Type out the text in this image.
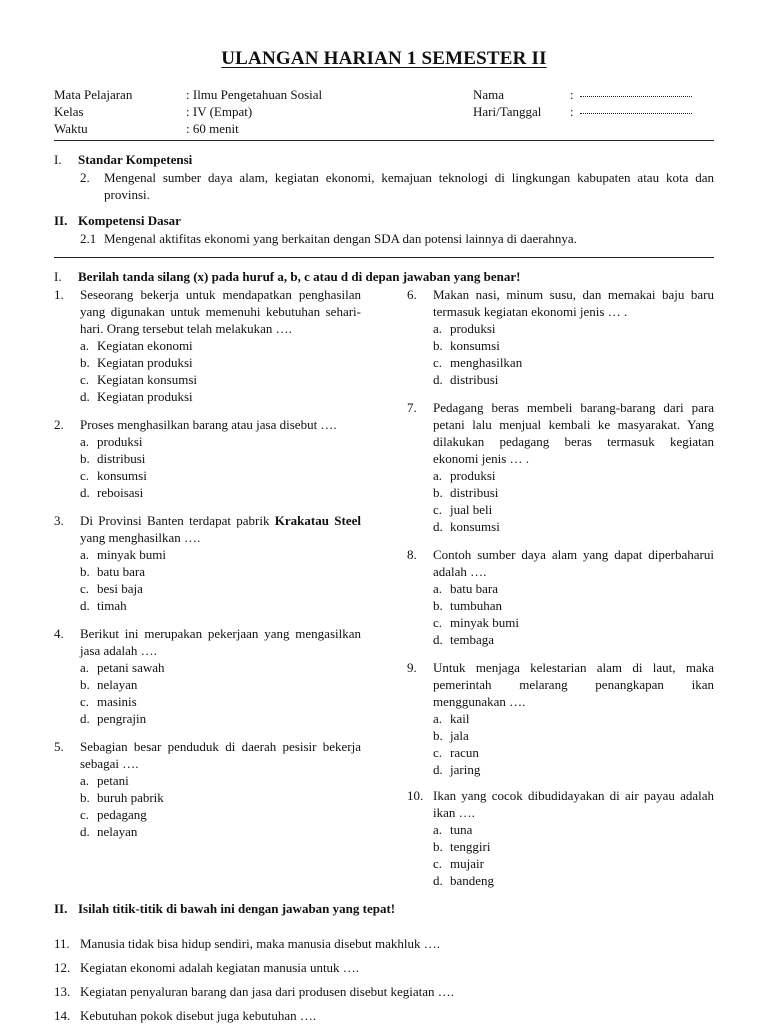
ULANGAN HARIAN 1 SEMESTER II
Mata Pelajaran	: Ilmu Pengetahuan Sosial
Kelas	: IV (Empat)
Waktu	: 60 menit
Nama	:
Hari/Tanggal :
I. Standar Kompetensi
2.	Mengenal sumber daya alam, kegiatan ekonomi, kemajuan teknologi di lingkungan kabupaten atau kota dan provinsi.
II. Kompetensi Dasar
2.1 Mengenal aktifitas ekonomi yang berkaitan dengan SDA dan potensi lainnya di daerahnya.
I. Berilah tanda silang (x) pada huruf a, b, c atau d di depan jawaban yang benar!
1.	Seseorang bekerja untuk mendapatkan penghasilan yang digunakan untuk memenuhi kebutuhan sehari-hari. Orang tersebut telah melakukan ….
a. Kegiatan ekonomi
b. Kegiatan produksi
c. Kegiatan konsumsi
d. Kegiatan produksi
2.	Proses menghasilkan barang atau jasa disebut ….
a. produksi
b. distribusi
c. konsumsi
d. reboisasi
3.	Di Provinsi Banten terdapat pabrik Krakatau Steel yang menghasilkan ….
a. minyak bumi
b. batu bara
c. besi baja
d. timah
4.	Berikut ini merupakan pekerjaan yang mengasilkan jasa adalah ….
a. petani sawah
b. nelayan
c. masinis
d. pengrajin
5.	Sebagian besar penduduk di daerah pesisir bekerja sebagai ….
a. petani
b. buruh pabrik
c. pedagang
d. nelayan
6.	Makan nasi, minum susu, dan memakai baju baru termasuk kegiatan ekonomi jenis … .
a. produksi
b. konsumsi
c. menghasilkan
d. distribusi
7.	Pedagang beras membeli barang-barang dari para petani lalu menjual kembali ke masyarakat. Yang dilakukan pedagang beras termasuk kegiatan ekonomi jenis … .
a. produksi
b. distribusi
c. jual beli
d. konsumsi
8.	Contoh sumber daya alam yang dapat diperbaharui adalah ….
a. batu bara
b. tumbuhan
c. minyak bumi
d. tembaga
9.	Untuk menjaga kelestarian alam di laut, maka pemerintah melarang penangkapan ikan menggunakan ….
a. kail
b. jala
c. racun
d. jaring
10. Ikan yang cocok dibudidayakan di air payau adalah ikan ….
a. tuna
b. tenggiri
c. mujair
d. bandeng
II. Isilah titik-titik di bawah ini dengan jawaban yang tepat!
11. Manusia tidak bisa hidup sendiri, maka manusia disebut makhluk ….
12. Kegiatan ekonomi adalah kegiatan manusia untuk ….
13. Kegiatan penyaluran barang dan jasa dari produsen disebut kegiatan ….
14. Kebutuhan pokok disebut juga kebutuhan ….
